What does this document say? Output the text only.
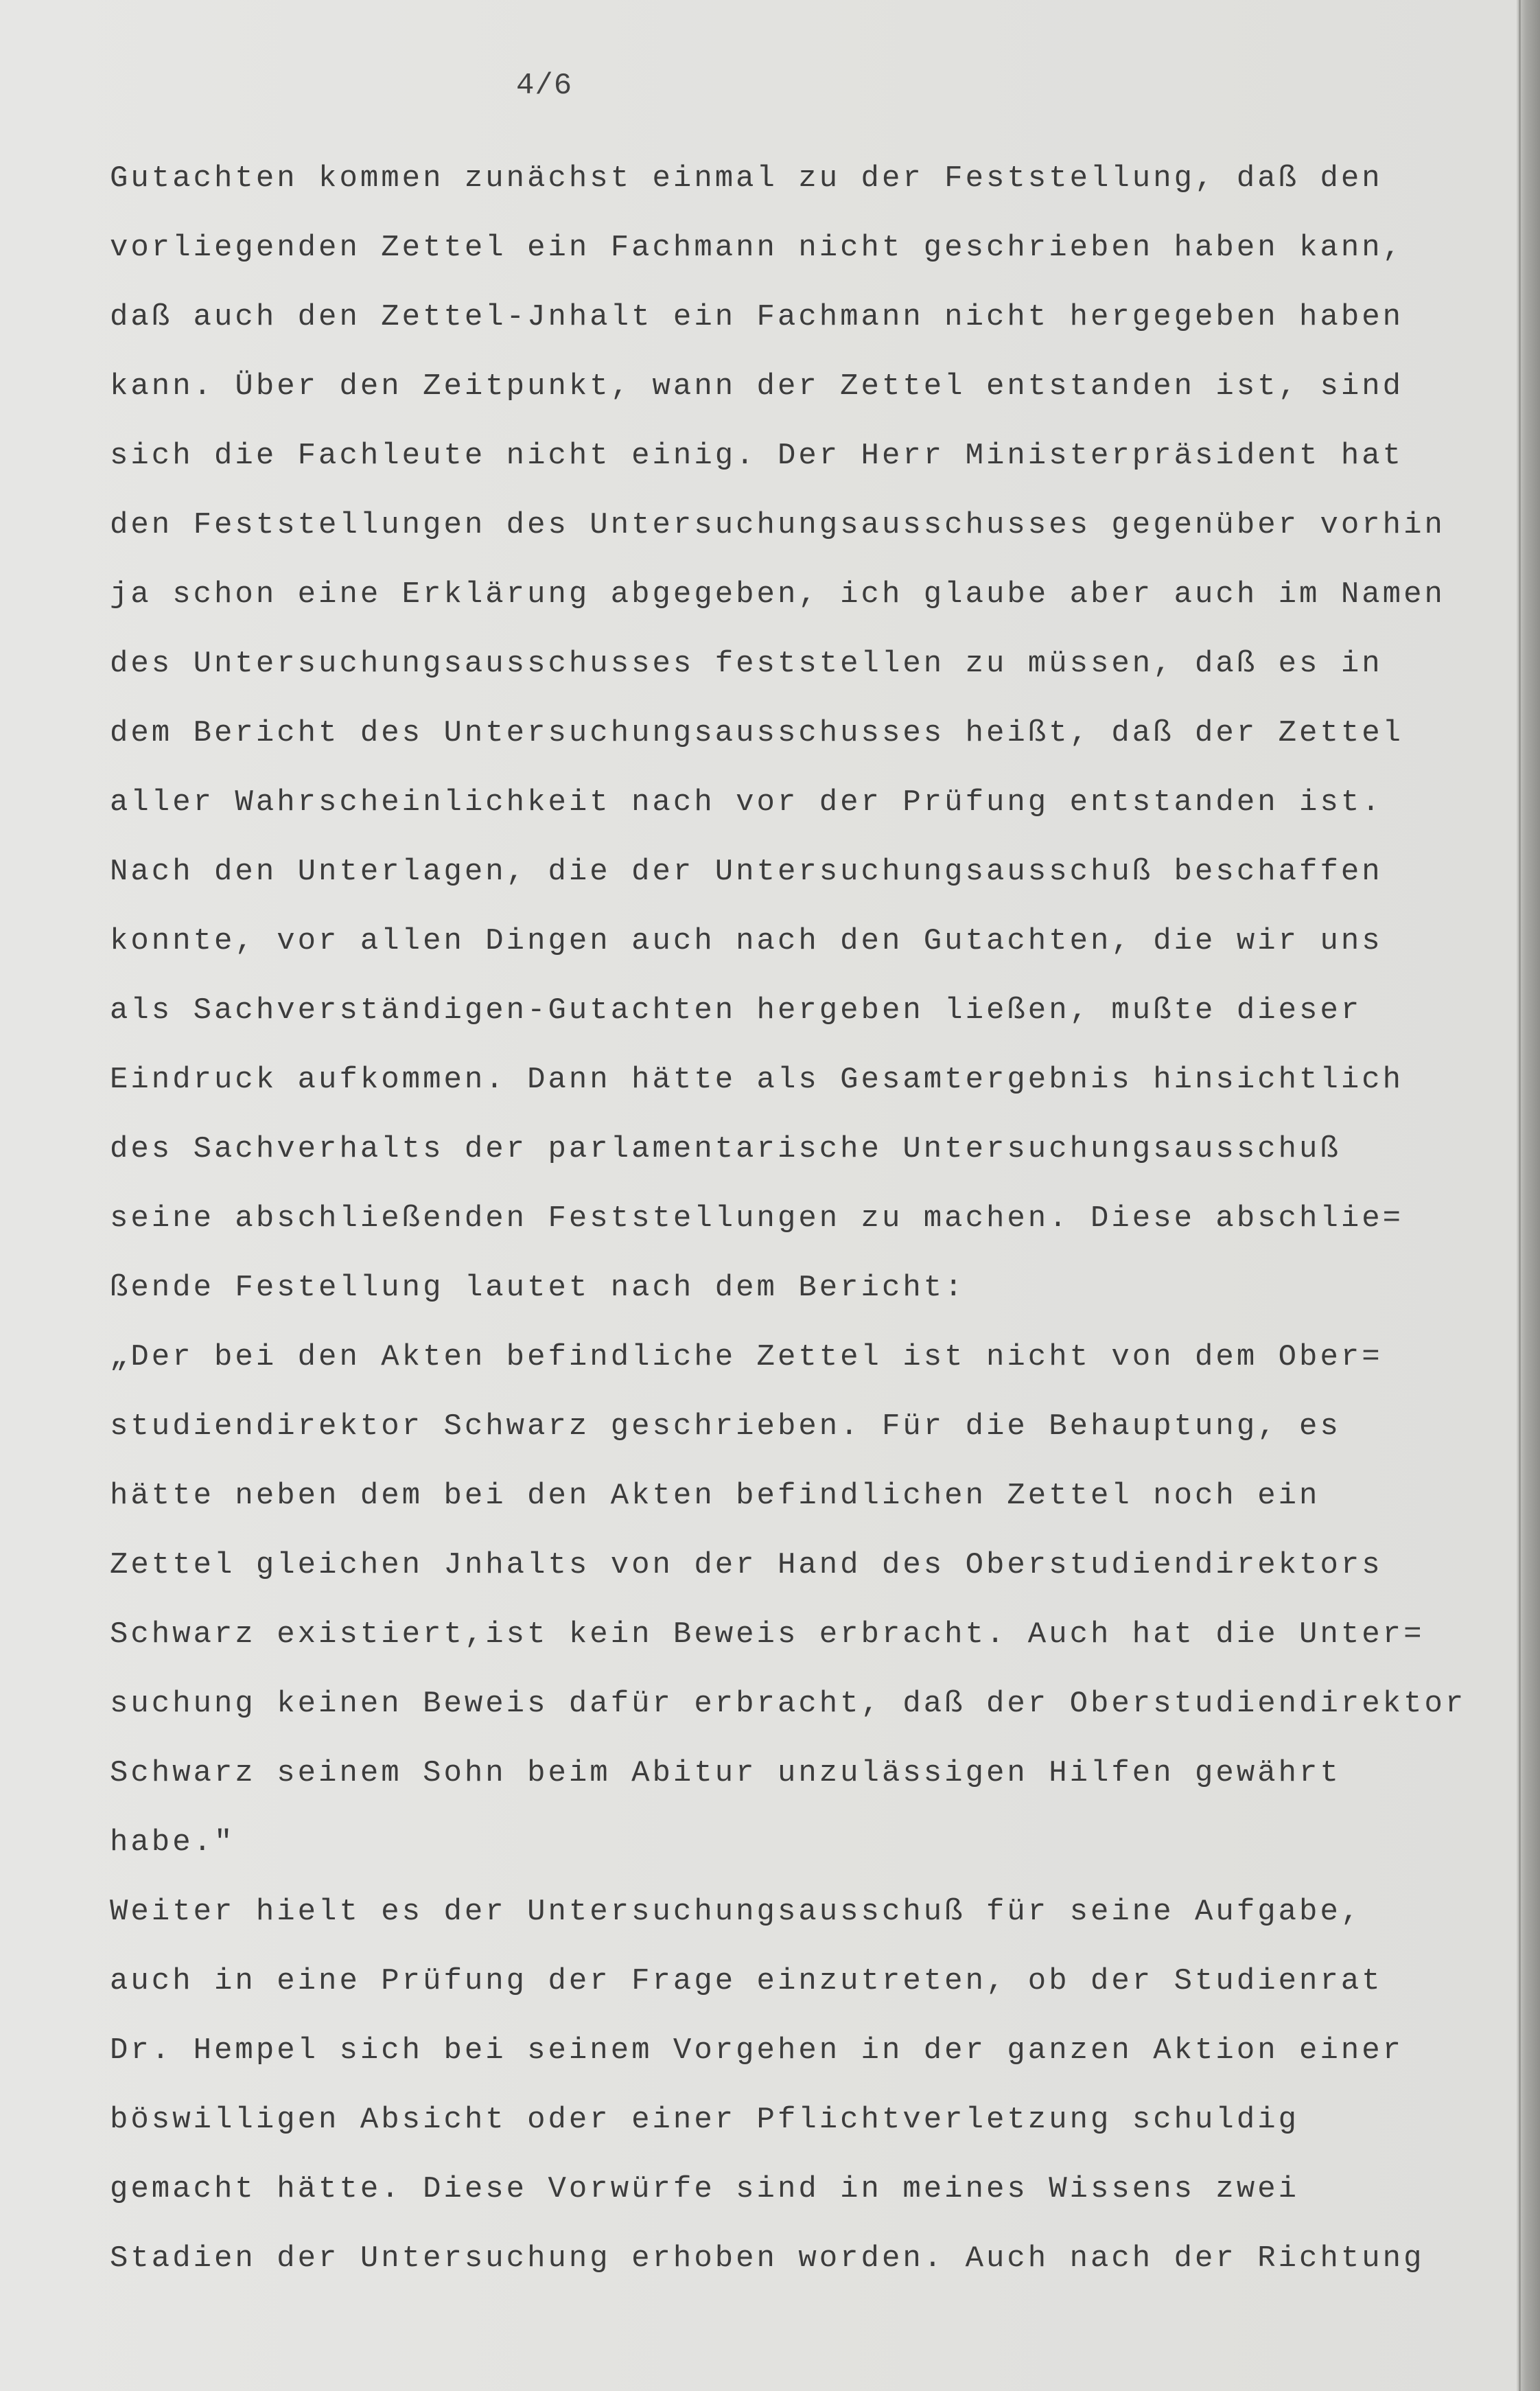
4/6
Gutachten kommen zunächst einmal zu der Feststellung, daß den
vorliegenden Zettel ein Fachmann nicht geschrieben haben kann,
daß auch den Zettel-Jnhalt ein Fachmann nicht hergegeben haben
kann. Über den Zeitpunkt, wann der Zettel entstanden ist, sind
sich die Fachleute nicht einig. Der Herr Ministerpräsident hat
den Feststellungen des Untersuchungsausschusses gegenüber vorhin
ja schon eine Erklärung abgegeben, ich glaube aber auch im Namen
des Untersuchungsausschusses feststellen zu müssen, daß es in
dem Bericht des Untersuchungsausschusses heißt, daß der Zettel
aller Wahrscheinlichkeit nach vor der Prüfung entstanden ist.
Nach den Unterlagen, die der Untersuchungsausschuß beschaffen
konnte, vor allen Dingen auch nach den Gutachten, die wir uns
als Sachverständigen-Gutachten hergeben ließen, mußte dieser
Eindruck aufkommen. Dann hätte als Gesamtergebnis hinsichtlich
des Sachverhalts der parlamentarische Untersuchungsausschuß
seine abschließenden Feststellungen zu machen. Diese abschlie=
ßende Festellung lautet nach dem Bericht:
„Der bei den Akten befindliche Zettel ist nicht von dem Ober=
studiendirektor Schwarz geschrieben. Für die Behauptung, es
hätte neben dem bei den Akten befindlichen Zettel noch ein
Zettel gleichen Jnhalts von der Hand des Oberstudiendirektors
Schwarz existiert,ist kein Beweis erbracht. Auch hat die Unter=
suchung keinen Beweis dafür erbracht, daß der Oberstudiendirektor
Schwarz seinem Sohn beim Abitur unzulässigen Hilfen gewährt
habe."
Weiter hielt es der Untersuchungsausschuß für seine Aufgabe,
auch in eine Prüfung der Frage einzutreten, ob der Studienrat
Dr. Hempel sich bei seinem Vorgehen in der ganzen Aktion einer
böswilligen Absicht oder einer Pflichtverletzung schuldig
gemacht hätte. Diese Vorwürfe sind in meines Wissens zwei
Stadien der Untersuchung erhoben worden. Auch nach der Richtung
